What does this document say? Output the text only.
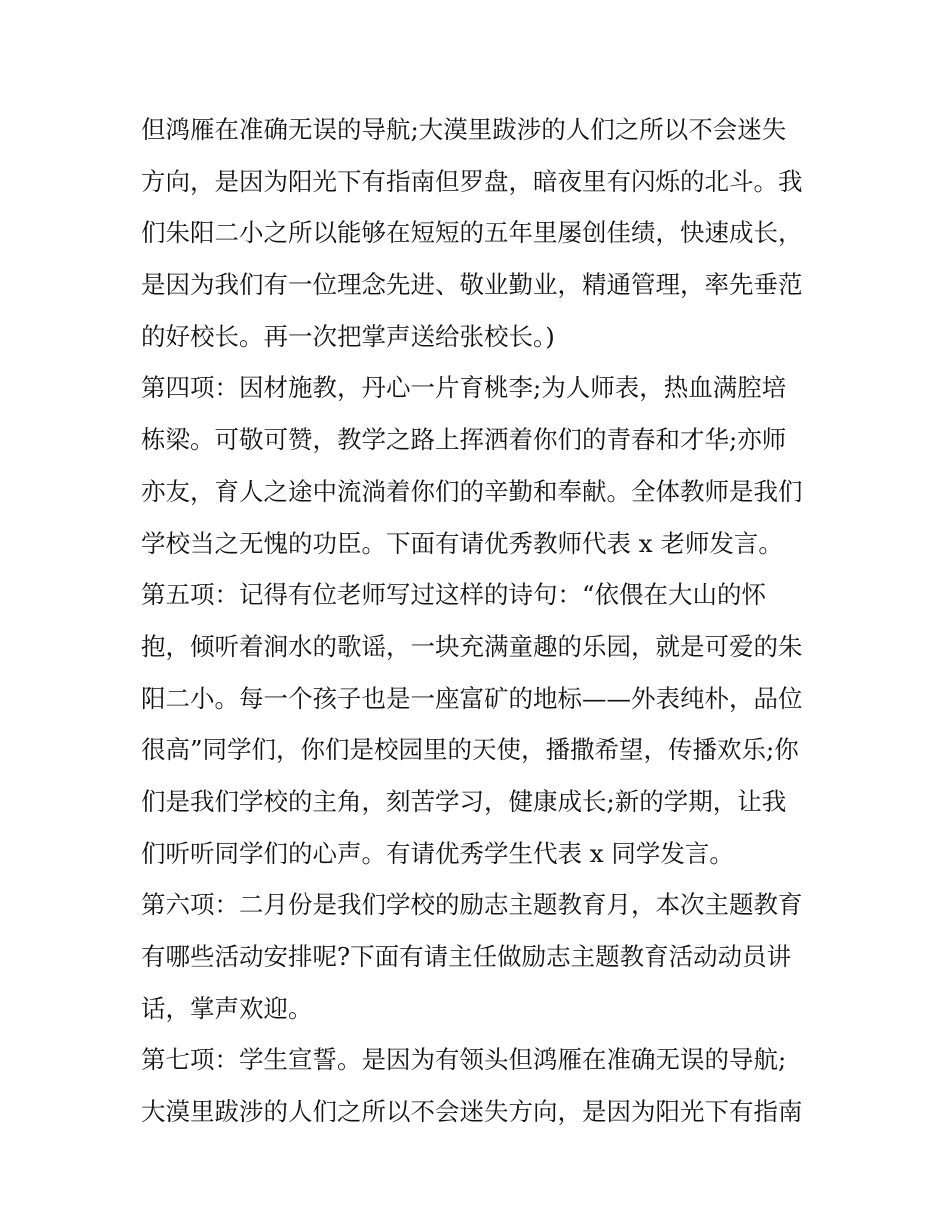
但鸿雁在准确无误的导航;大漠里跋涉的人们之所以不会迷失
方向，是因为阳光下有指南但罗盘，暗夜里有闪烁的北斗。我
们朱阳二小之所以能够在短短的五年里屡创佳绩，快速成长，
是因为我们有一位理念先进、敬业勤业，精通管理，率先垂范
的好校长。再一次把掌声送给张校长。)
第四项：因材施教，丹心一片育桃李;为人师表，热血满腔培
栋梁。可敬可赞，教学之路上挥洒着你们的青春和才华;亦师
亦友，育人之途中流淌着你们的辛勤和奉献。全体教师是我们
学校当之无愧的功臣。下面有请优秀教师代表 x 老师发言。
第五项：记得有位老师写过这样的诗句：“依偎在大山的怀
抱，倾听着涧水的歌谣，一块充满童趣的乐园，就是可爱的朱
阳二小。每一个孩子也是一座富矿的地标——外表纯朴，品位
很高”同学们，你们是校园里的天使，播撒希望，传播欢乐;你
们是我们学校的主角，刻苦学习，健康成长;新的学期，让我
们听听同学们的心声。有请优秀学生代表 x 同学发言。
第六项：二月份是我们学校的励志主题教育月，本次主题教育
有哪些活动安排呢?下面有请主任做励志主题教育活动动员讲
话，掌声欢迎。
第七项：学生宣誓。是因为有领头但鸿雁在准确无误的导航;
大漠里跋涉的人们之所以不会迷失方向，是因为阳光下有指南
